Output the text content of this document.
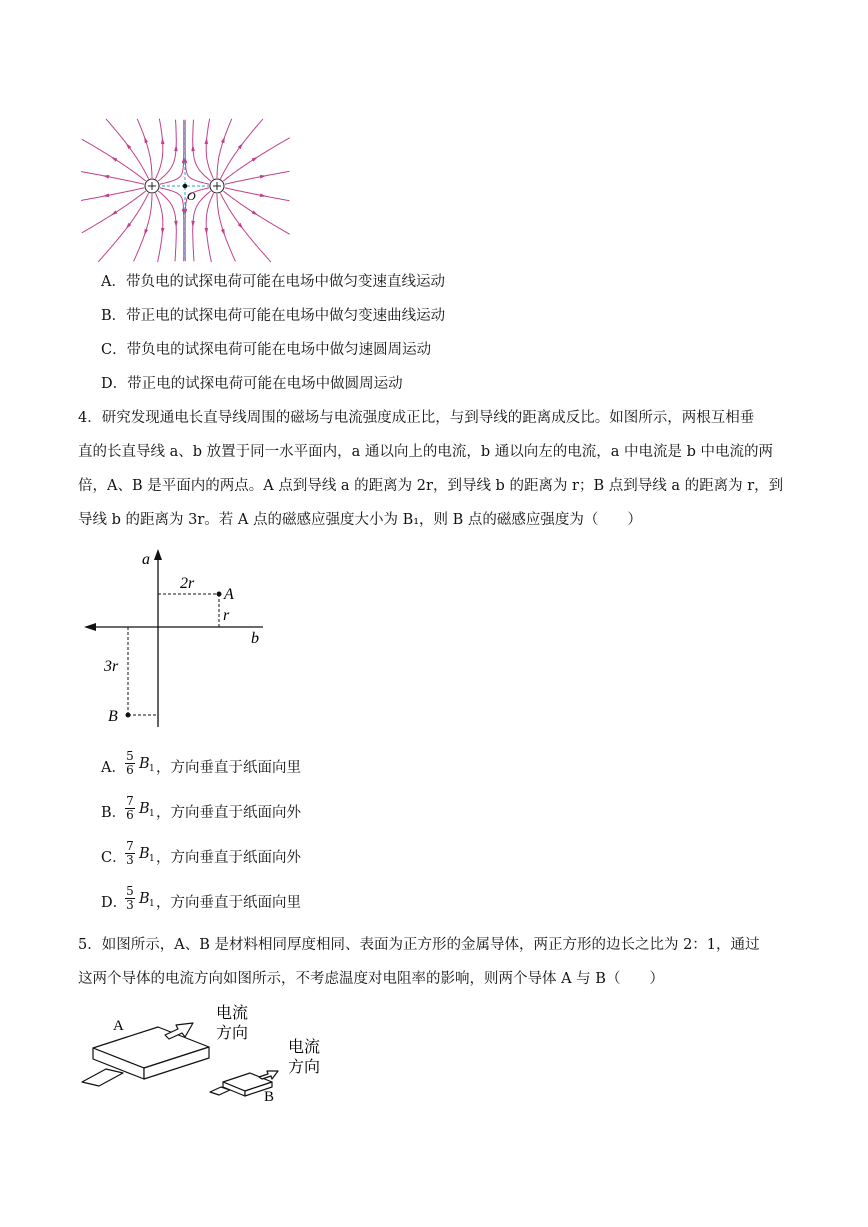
O
A．带负电的试探电荷可能在电场中做匀变速直线运动
B．带正电的试探电荷可能在电场中做匀变速曲线运动
C．带负电的试探电荷可能在电场中做匀速圆周运动
D．带正电的试探电荷可能在电场中做圆周运动
4．研究发现通电长直导线周围的磁场与电流强度成正比，与到导线的距离成反比。如图所示，两根互相垂
直的长直导线 a、b 放置于同一水平面内，a 通以向上的电流，b 通以向左的电流，a 中电流是 b 中电流的两
倍，A、B 是平面内的两点。A 点到导线 a 的距离为 2r，到导线 b 的距离为 r；B 点到导线 a 的距离为 r，到
导线 b 的距离为 3r。若 A 点的磁感应强度大小为 B₁，则 B 点的磁感应强度为（　　）
a
b
A
2r
r
B
3r
A．
5
6 B 1 ，方向垂直于纸面向里
B．
7
6 B 1 ，方向垂直于纸面向外
C．
7
3 B 1 ，方向垂直于纸面向外
D．
5
3 B 1 ，方向垂直于纸面向里
5．如图所示，A、B 是材料相同厚度相同、表面为正方形的金属导体，两正方形的边长之比为 2：1，通过
这两个导体的电流方向如图所示，不考虑温度对电阻率的影响，则两个导体 A 与 B（　　）
A
B
电流
方向
电流
方向
